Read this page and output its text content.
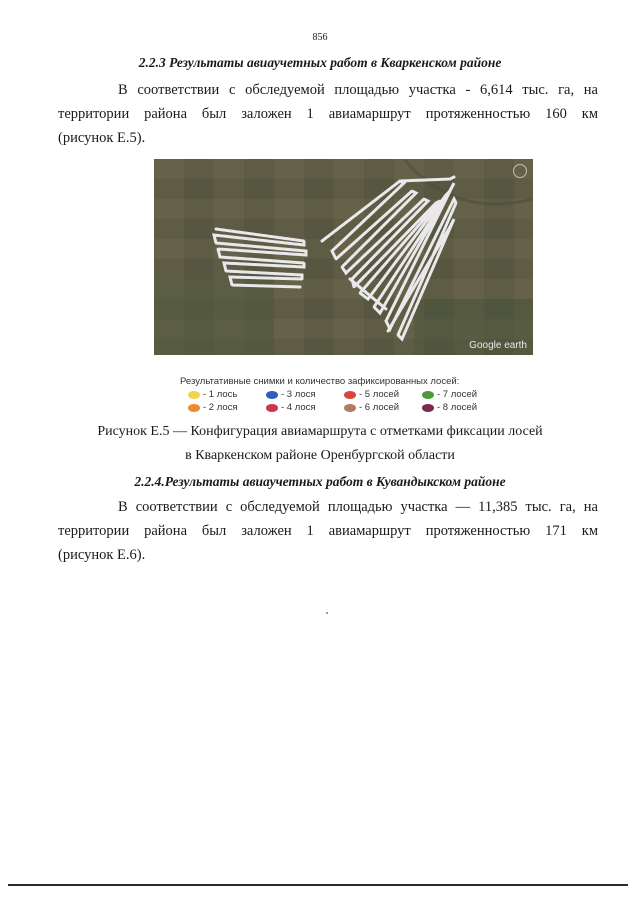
856
2.2.3 Результаты авиаучетных работ в Кваркенском районе

В соответствии с обследуемой площадью участка - 6,614 тыс. га, на
территории района был заложен 1 авиамаршрут протяженностью 160 км
(рисунок Е.5).

Google earth
Результативные снимки и количество зафиксированных лосей:
- 1 лось	- 3 лося	- 5 лосей	- 7 лосей
- 2 лося	- 4 лося	- 6 лосей	- 8 лосей
Рисунок Е.5 — Конфигурация авиамаршрута с отметками фиксации лосей
в Кваркенском районе Оренбургской области
2.2.4.Результаты авиаучетных работ в Кувандыкском районе

В соответствии с обследуемой площадью участка — 11,385 тыс. га, на
территории района был заложен 1 авиамаршрут протяженностью 171 км
(рисунок Е.6).
